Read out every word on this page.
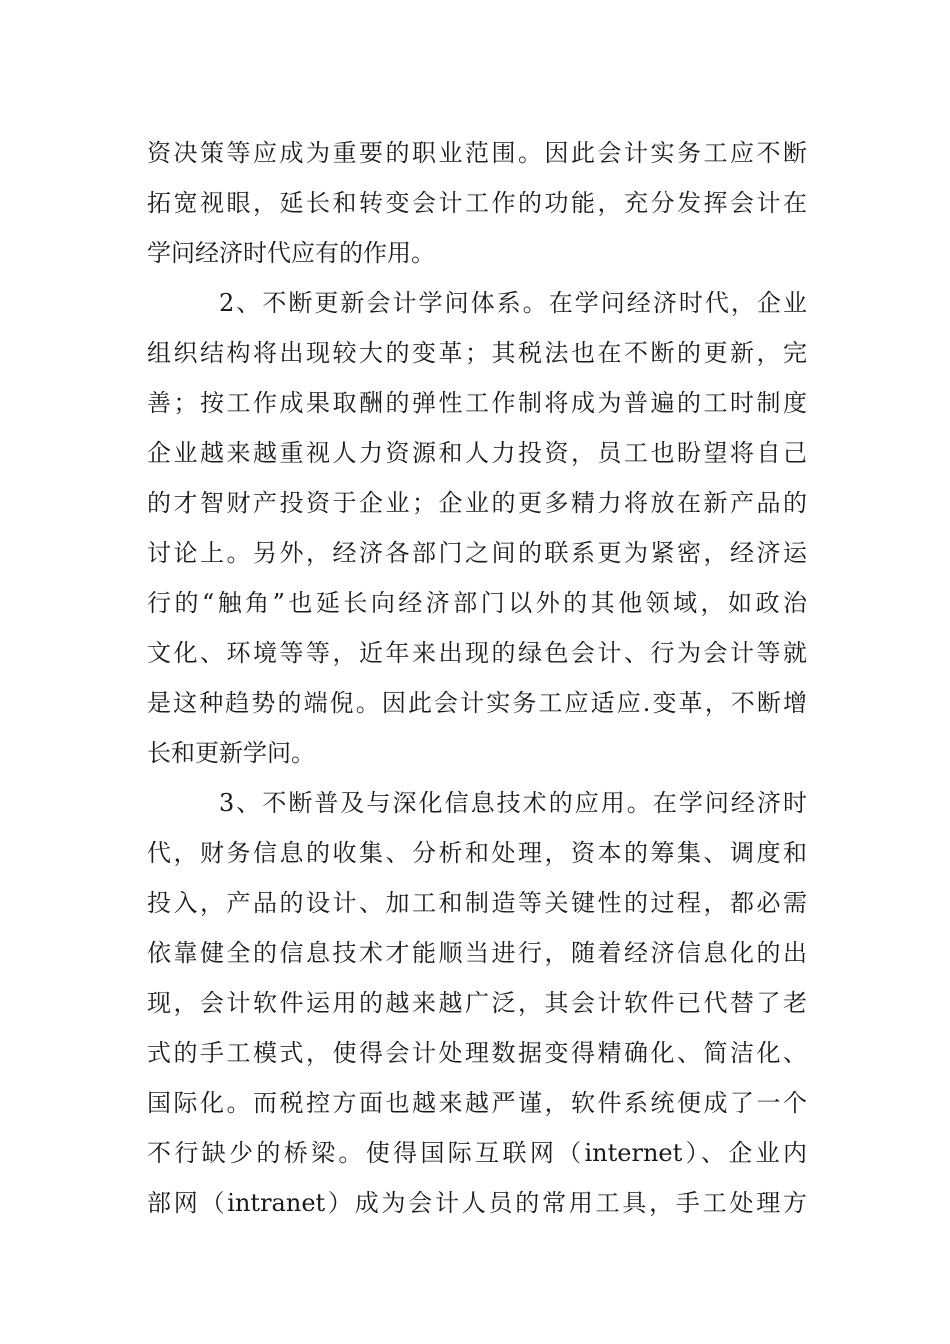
资决策等应成为重要的职业范围。因此会计实务工应不断
拓宽视眼，延长和转变会计工作的功能，充分发挥会计在
学问经济时代应有的作用。
2、不断更新会计学问体系。在学问经济时代，企业
组织结构将出现较大的变革；其税法也在不断的更新，完
善；按工作成果取酬的弹性工作制将成为普遍的工时制度
企业越来越重视人力资源和人力投资，员工也盼望将自己
的才智财产投资于企业；企业的更多精力将放在新产品的
讨论上。另外，经济各部门之间的联系更为紧密，经济运
行的“触角”也延长向经济部门以外的其他领域，如政治
文化、环境等等，近年来出现的绿色会计、行为会计等就
是这种趋势的端倪。因此会计实务工应适应.变革，不断增
长和更新学问。
3、不断普及与深化信息技术的应用。在学问经济时
代，财务信息的收集、分析和处理，资本的筹集、调度和
投入，产品的设计、加工和制造等关键性的过程，都必需
依靠健全的信息技术才能顺当进行，随着经济信息化的出
现，会计软件运用的越来越广泛，其会计软件已代替了老
式的手工模式，使得会计处理数据变得精确化、简洁化、
国际化。而税控方面也越来越严谨，软件系统便成了一个
不行缺少的桥梁。使得国际互联网（internet）、企业内
部网（intranet）成为会计人员的常用工具，手工处理方
